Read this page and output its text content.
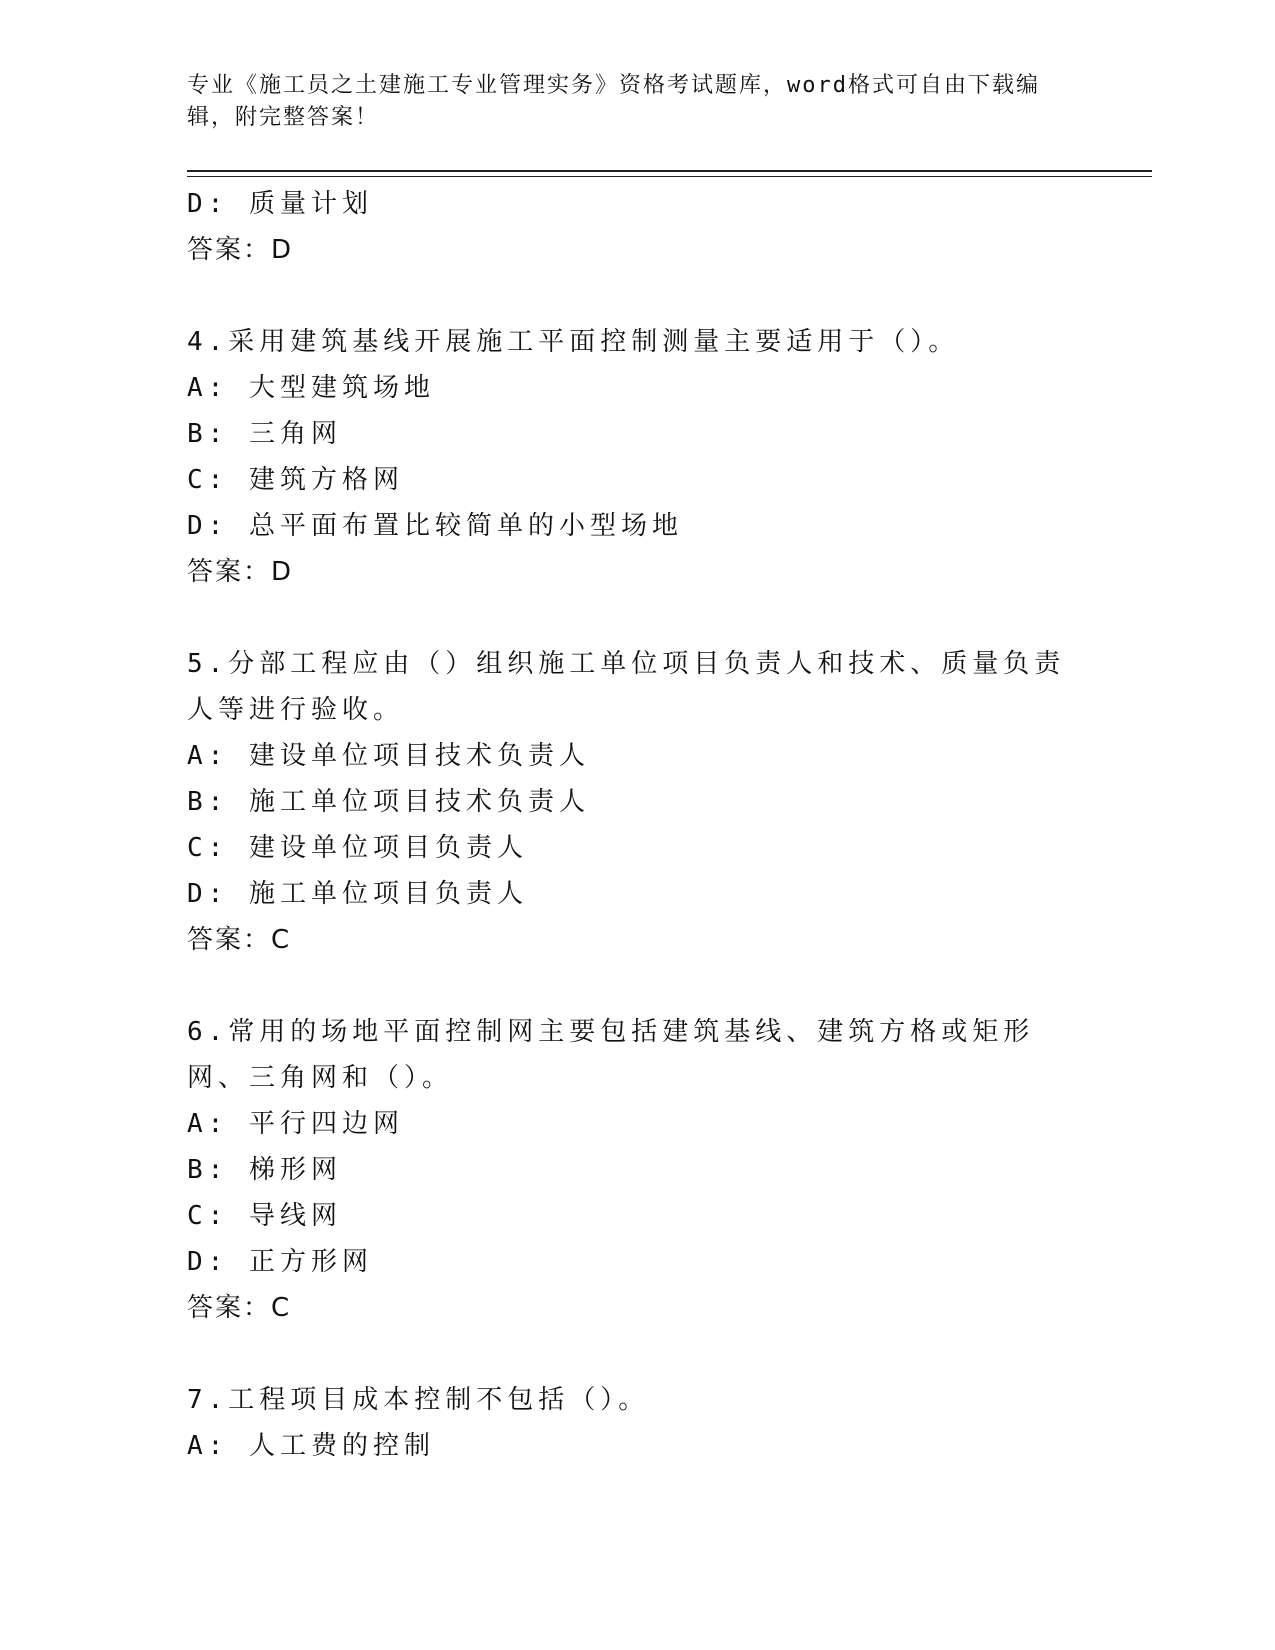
专业《施工员之土建施工专业管理实务》资格考试题库，word格式可自由下载编辑，附完整答案！
D: 质量计划
答案：D
4.采用建筑基线开展施工平面控制测量主要适用于（）。
A: 大型建筑场地
B: 三角网
C: 建筑方格网
D: 总平面布置比较简单的小型场地
答案：D
5.分部工程应由（）组织施工单位项目负责人和技术、质量负责人等进行验收。
A: 建设单位项目技术负责人
B: 施工单位项目技术负责人
C: 建设单位项目负责人
D: 施工单位项目负责人
答案：C
6.常用的场地平面控制网主要包括建筑基线、建筑方格或矩形网、三角网和（）。
A: 平行四边网
B: 梯形网
C: 导线网
D: 正方形网
答案：C
7.工程项目成本控制不包括（）。
A: 人工费的控制
